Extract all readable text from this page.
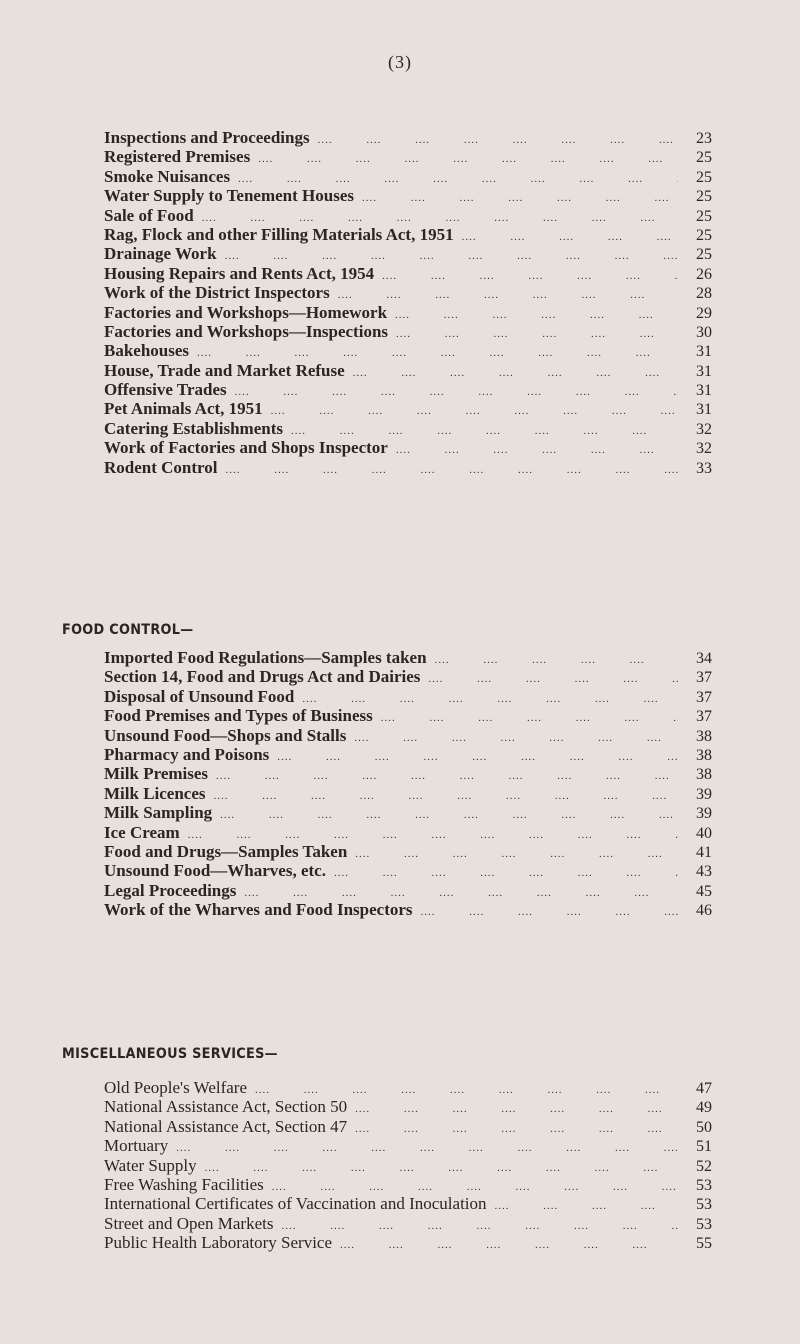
(3)
Inspections and Proceedings ....	23
Registered Premises ....	25
Smoke Nuisances ....	25
Water Supply to Tenement Houses ....	25
Sale of Food ....	25
Rag, Flock and other Filling Materials Act, 1951 ....	25
Drainage Work ....	25
Housing Repairs and Rents Act, 1954 ....	26
Work of the District Inspectors ....	28
Factories and Workshops—Homework ....	29
Factories and Workshops—Inspections ....	30
Bakehouses ....	31
House, Trade and Market Refuse ....	31
Offensive Trades ....	31
Pet Animals Act, 1951 ....	31
Catering Establishments ....	32
Work of Factories and Shops Inspector ....	32
Rodent Control ....	33
FOOD CONTROL—
Imported Food Regulations—Samples taken ....	34
Section 14, Food and Drugs Act and Dairies ....	37
Disposal of Unsound Food ....	37
Food Premises and Types of Business ....	37
Unsound Food—Shops and Stalls ....	38
Pharmacy and Poisons ....	38
Milk Premises ....	38
Milk Licences ....	39
Milk Sampling ....	39
Ice Cream ....	40
Food and Drugs—Samples Taken ....	41
Unsound Food—Wharves, etc. ....	43
Legal Proceedings ....	45
Work of the Wharves and Food Inspectors ....	46
MISCELLANEOUS SERVICES—
Old People's Welfare ....	47
National Assistance Act, Section 50 ....	49
National Assistance Act, Section 47 ....	50
Mortuary ....	51
Water Supply ....	52
Free Washing Facilities ....	53
International Certificates of Vaccination and Inoculation ....	53
Street and Open Markets ....	53
Public Health Laboratory Service ....	55
